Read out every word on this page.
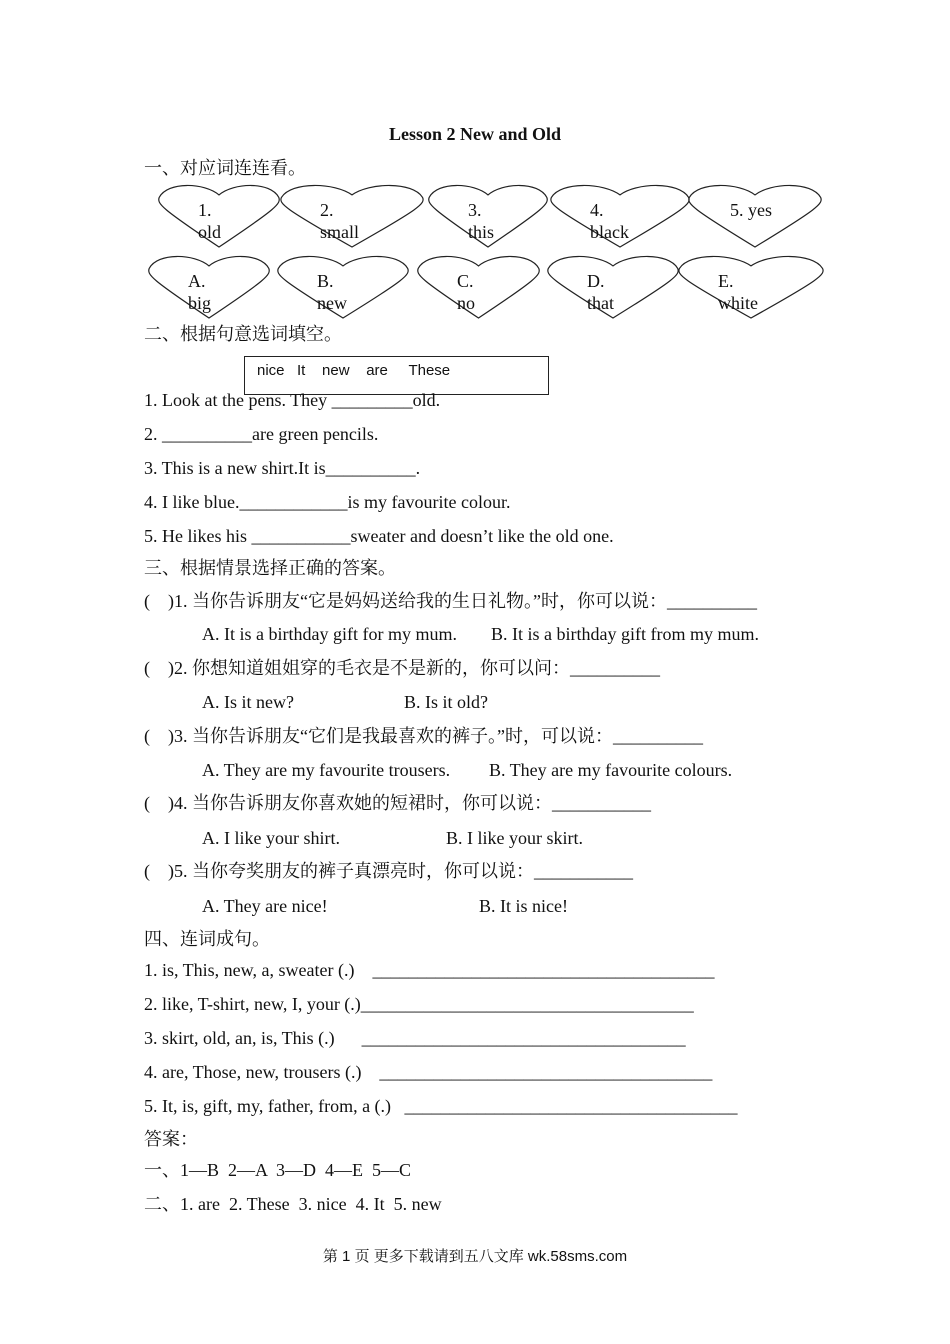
Lesson 2 New and Old
一、对应词连连看。
1.
old
2.
small
3.
this
4.
black
5. yes
A.
big
B.
new
C.
no
D.
that
E.
white
二、根据句意选词填空。
nice   It    new    are     These
1. Look at the pens. They _________old.
2. __________are green pencils.
3. This is a new shirt.It is__________.
4. I like blue.____________is my favourite colour.
5. He likes his ___________sweater and doesn’t like the old one.
三、根据情景选择正确的答案。
(    )1. 当你告诉朋友“它是妈妈送给我的生日礼物。”时，你可以说：__________
A. It is a birthday gift for my mum. B. It is a birthday gift from my mum.
(    )2. 你想知道姐姐穿的毛衣是不是新的，你可以问：__________
A. Is it new?	B. Is it old?
(    )3. 当你告诉朋友“它们是我最喜欢的裤子。”时，可以说：__________
A. They are my favourite trousers. B. They are my favourite colours.
(    )4. 当你告诉朋友你喜欢她的短裙时，你可以说：___________
A. I like your shirt.	B. I like your skirt.
(    )5. 当你夸奖朋友的裤子真漂亮时，你可以说：___________
A. They are nice!	B. It is nice!
四、连词成句。
1. is, This, new, a, sweater (.)    ______________________________________
2. like, T-shirt, new, I, your (.)_____________________________________
3. skirt, old, an, is, This (.)      ____________________________________
4. are, Those, new, trousers (.)    _____________________________________
5. It, is, gift, my, father, from, a (.)   _____________________________________
答案：
一、1—B  2—A  3—D  4—E  5—C
二、1. are  2. These  3. nice  4. It  5. new
第 1 页 更多下载请到五八文库 wk.58sms.com
